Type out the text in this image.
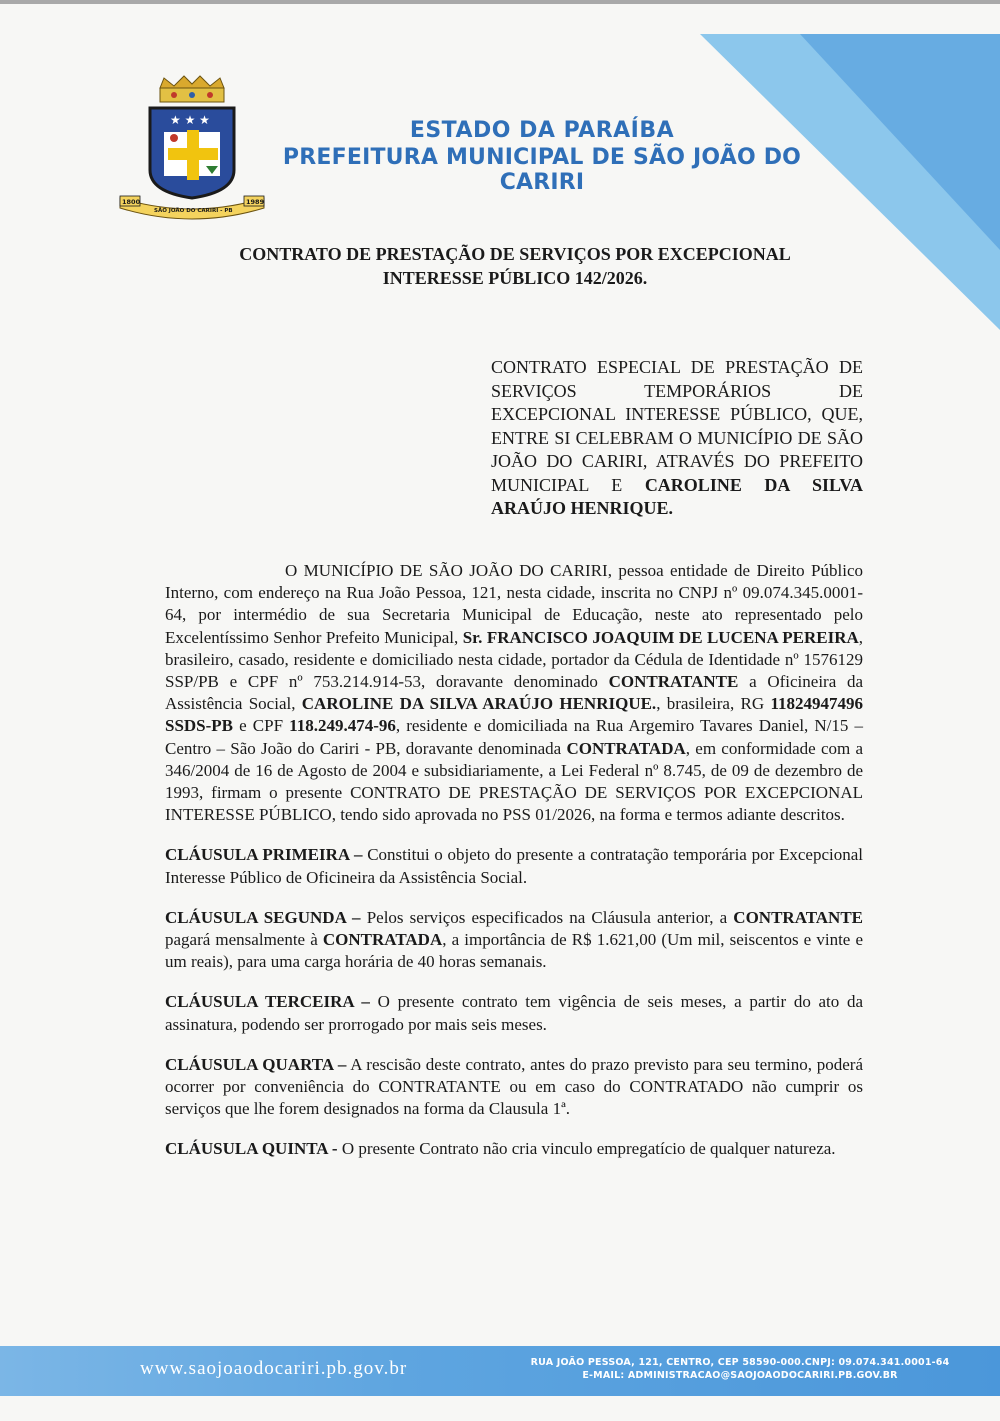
★ ★ ★
1800	1989
SÃO JOÃO DO CARIRI - PB
ESTADO DA PARAÍBA
PREFEITURA MUNICIPAL DE SÃO JOÃO DO CARIRI
CONTRATO DE PRESTAÇÃO DE SERVIÇOS POR EXCEPCIONAL
INTERESSE PÚBLICO 142/2026.
CONTRATO ESPECIAL DE PRESTAÇÃO DE SERVIÇOS TEMPORÁRIOS DE EXCEPCIONAL INTERESSE PÚBLICO, QUE, ENTRE SI CELEBRAM O MUNICÍPIO DE SÃO JOÃO DO CARIRI, ATRAVÉS DO PREFEITO MUNICIPAL E CAROLINE DA SILVA ARAÚJO HENRIQUE.

O MUNICÍPIO DE SÃO JOÃO DO CARIRI, pessoa entidade de Direito Público Interno, com endereço na Rua João Pessoa, 121, nesta cidade, inscrita no CNPJ nº 09.074.345.0001-64, por intermédio de sua Secretaria Municipal de Educação, neste ato representado pelo Excelentíssimo Senhor Prefeito Municipal, Sr. FRANCISCO JOAQUIM DE LUCENA PEREIRA, brasileiro, casado, residente e domiciliado nesta cidade, portador da Cédula de Identidade nº 1576129 SSP/PB e CPF nº 753.214.914-53, doravante denominado CONTRATANTE a Oficineira da Assistência Social, CAROLINE DA SILVA ARAÚJO HENRIQUE., brasileira, RG 11824947496 SSDS-PB e CPF 118.249.474-96, residente e domiciliada na Rua Argemiro Tavares Daniel, N/15 – Centro – São João do Cariri - PB, doravante denominada CONTRATADA, em conformidade com a 346/2004 de 16 de Agosto de 2004 e subsidiariamente, a Lei Federal nº 8.745, de 09 de dezembro de 1993, firmam o presente CONTRATO DE PRESTAÇÃO DE SERVIÇOS POR EXCEPCIONAL INTERESSE PÚBLICO, tendo sido aprovada no PSS 01/2026, na forma e termos adiante descritos.

CLÁUSULA PRIMEIRA – Constitui o objeto do presente a contratação temporária por Excepcional Interesse Público de Oficineira da Assistência Social.

CLÁUSULA SEGUNDA – Pelos serviços especificados na Cláusula anterior, a CONTRATANTE pagará mensalmente à CONTRATADA, a importância de R$ 1.621,00 (Um mil, seiscentos e vinte e um reais), para uma carga horária de 40 horas semanais.

CLÁUSULA TERCEIRA – O presente contrato tem vigência de seis meses, a partir do ato da assinatura, podendo ser prorrogado por mais seis meses.

CLÁUSULA QUARTA – A rescisão deste contrato, antes do prazo previsto para seu termino, poderá ocorrer por conveniência do CONTRATANTE ou em caso do CONTRATADO não cumprir os serviços que lhe forem designados na forma da Clausula 1ª.

CLÁUSULA QUINTA - O presente Contrato não cria vinculo empregatício de qualquer natureza.

www.saojoaodocariri.pb.gov.br	RUA JOÃO PESSOA, 121, CENTRO, CEP 58590-000.CNPJ: 09.074.341.0001-64
E-MAIL: ADMINISTRACAO@SAOJOAODOCARIRI.PB.GOV.BR
